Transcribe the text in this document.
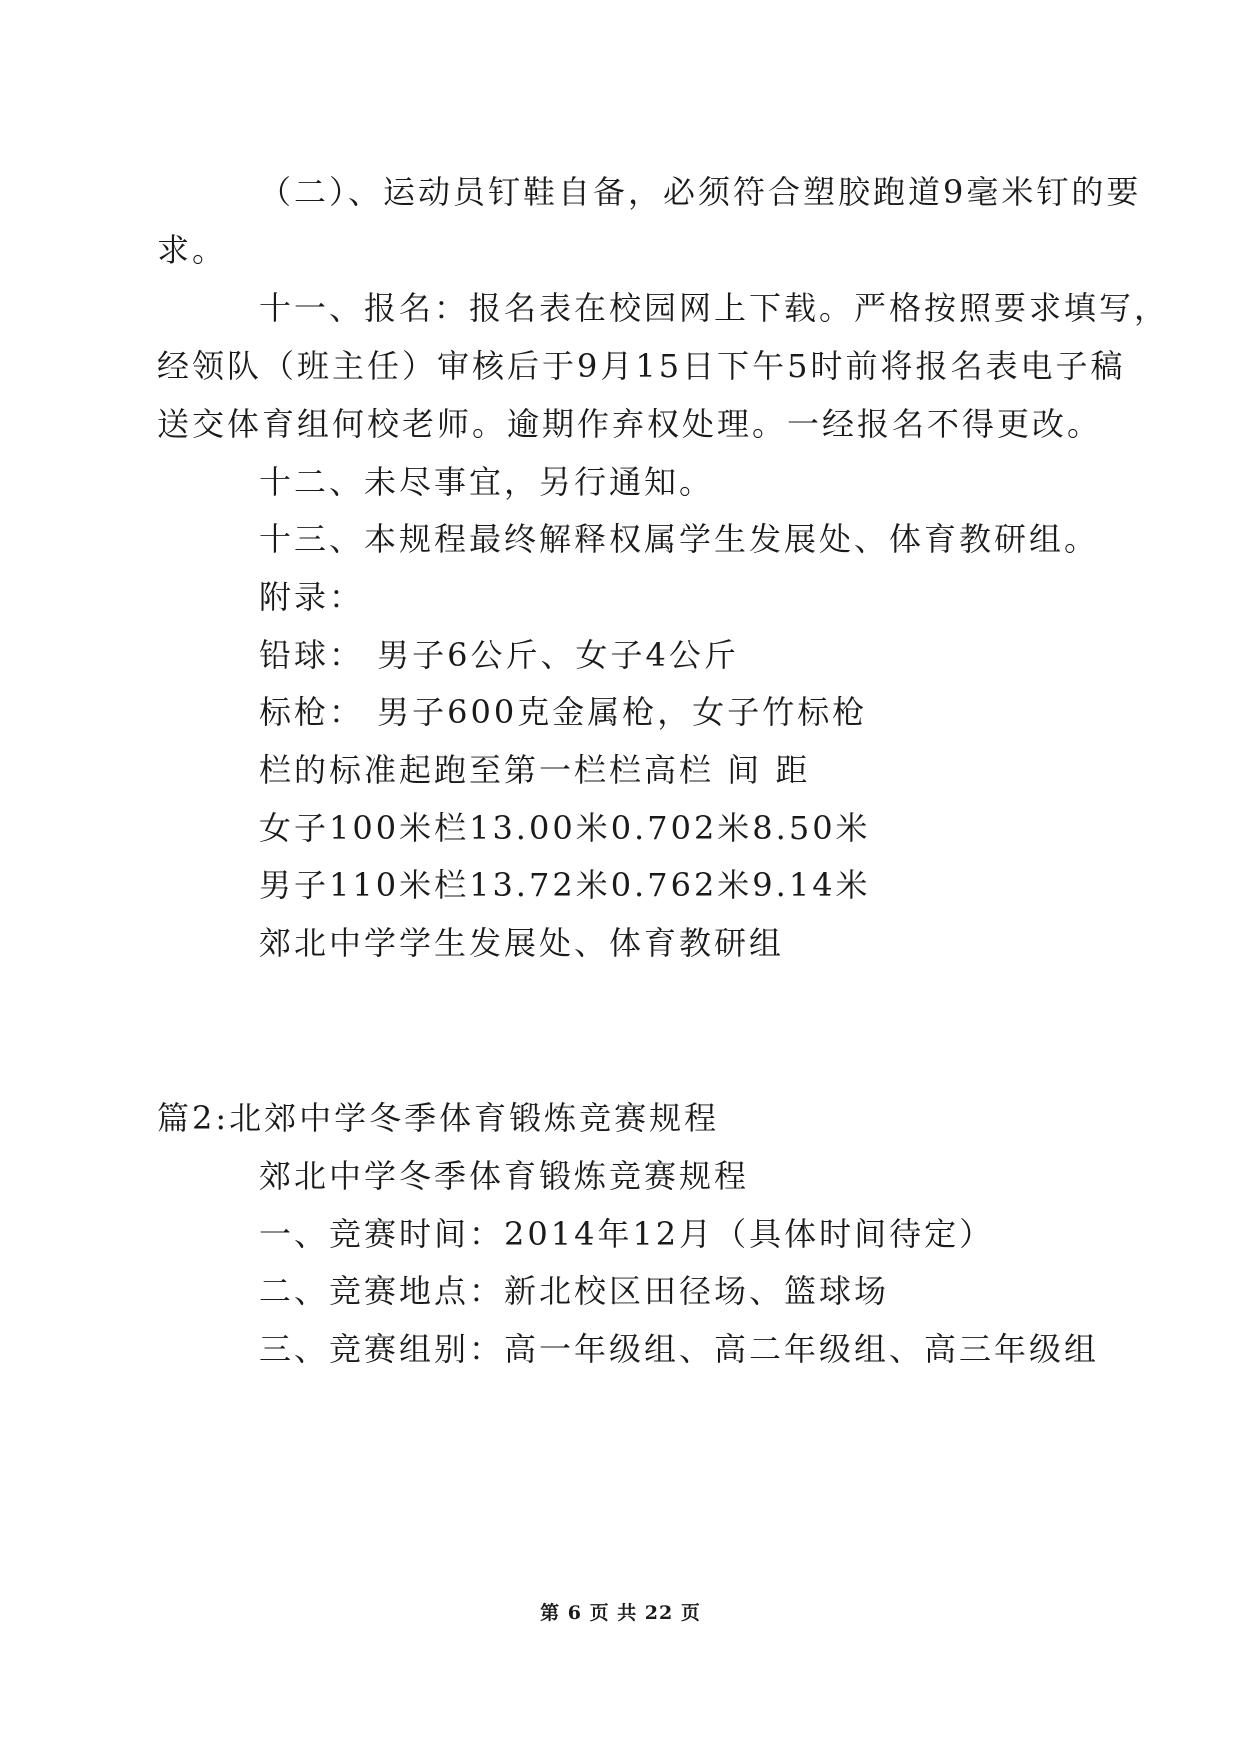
（二）、运动员钉鞋自备，必须符合塑胶跑道9毫米钉的要
求。
十一、报名：报名表在校园网上下载。严格按照要求填写，
经领队（班主任）审核后于9月15日下午5时前将报名表电子稿
送交体育组何校老师。逾期作弃权处理。一经报名不得更改。
十二、未尽事宜，另行通知。
十三、本规程最终解释权属学生发展处、体育教研组。
附录：
铅球： 男子6公斤、女子4公斤
标枪： 男子600克金属枪，女子竹标枪
栏的标准起跑至第一栏栏高栏 间 距
女子100米栏13.00米0.702米8.50米
男子110米栏13.72米0.762米9.14米
郊北中学学生发展处、体育教研组
篇2:北郊中学冬季体育锻炼竞赛规程
郊北中学冬季体育锻炼竞赛规程
一、竞赛时间：2014年12月（具体时间待定）
二、竞赛地点：新北校区田径场、篮球场
三、竞赛组别：高一年级组、高二年级组、高三年级组
第 6 页 共 22 页
